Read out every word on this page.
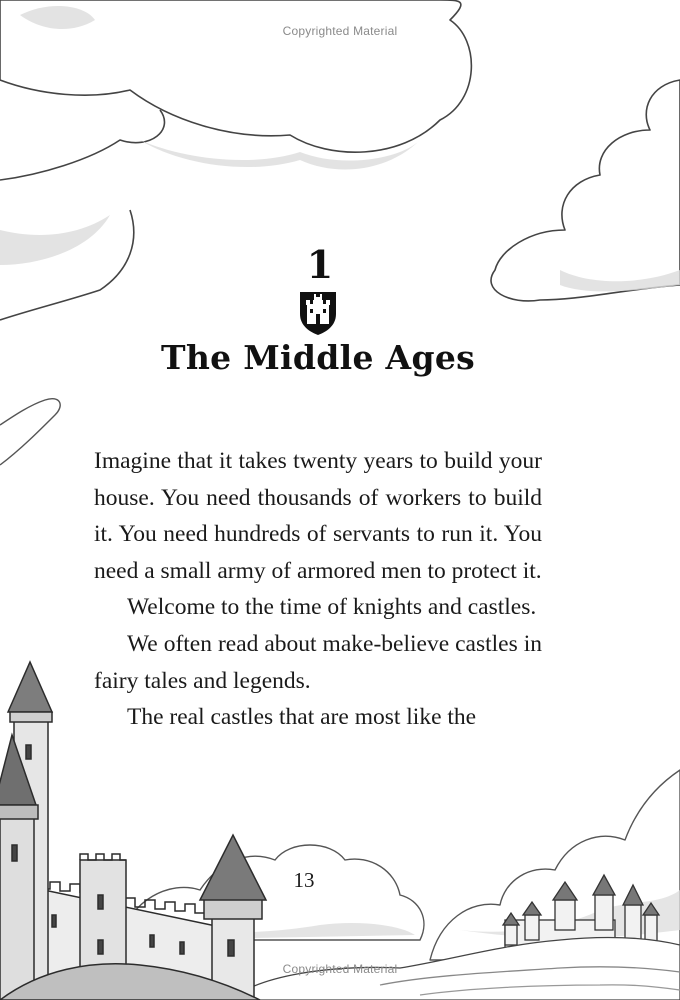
Copyrighted Material
1
The Middle Ages

Imagine that it takes twenty years to build your house. You need thousands of workers to build it. You need hundreds of servants to run it. You need a small army of armored men to protect it.

Welcome to the time of knights and castles.

We often read about make-believe castles in fairy tales and legends.

The real castles that are most like the

13
Copyrighted Material
